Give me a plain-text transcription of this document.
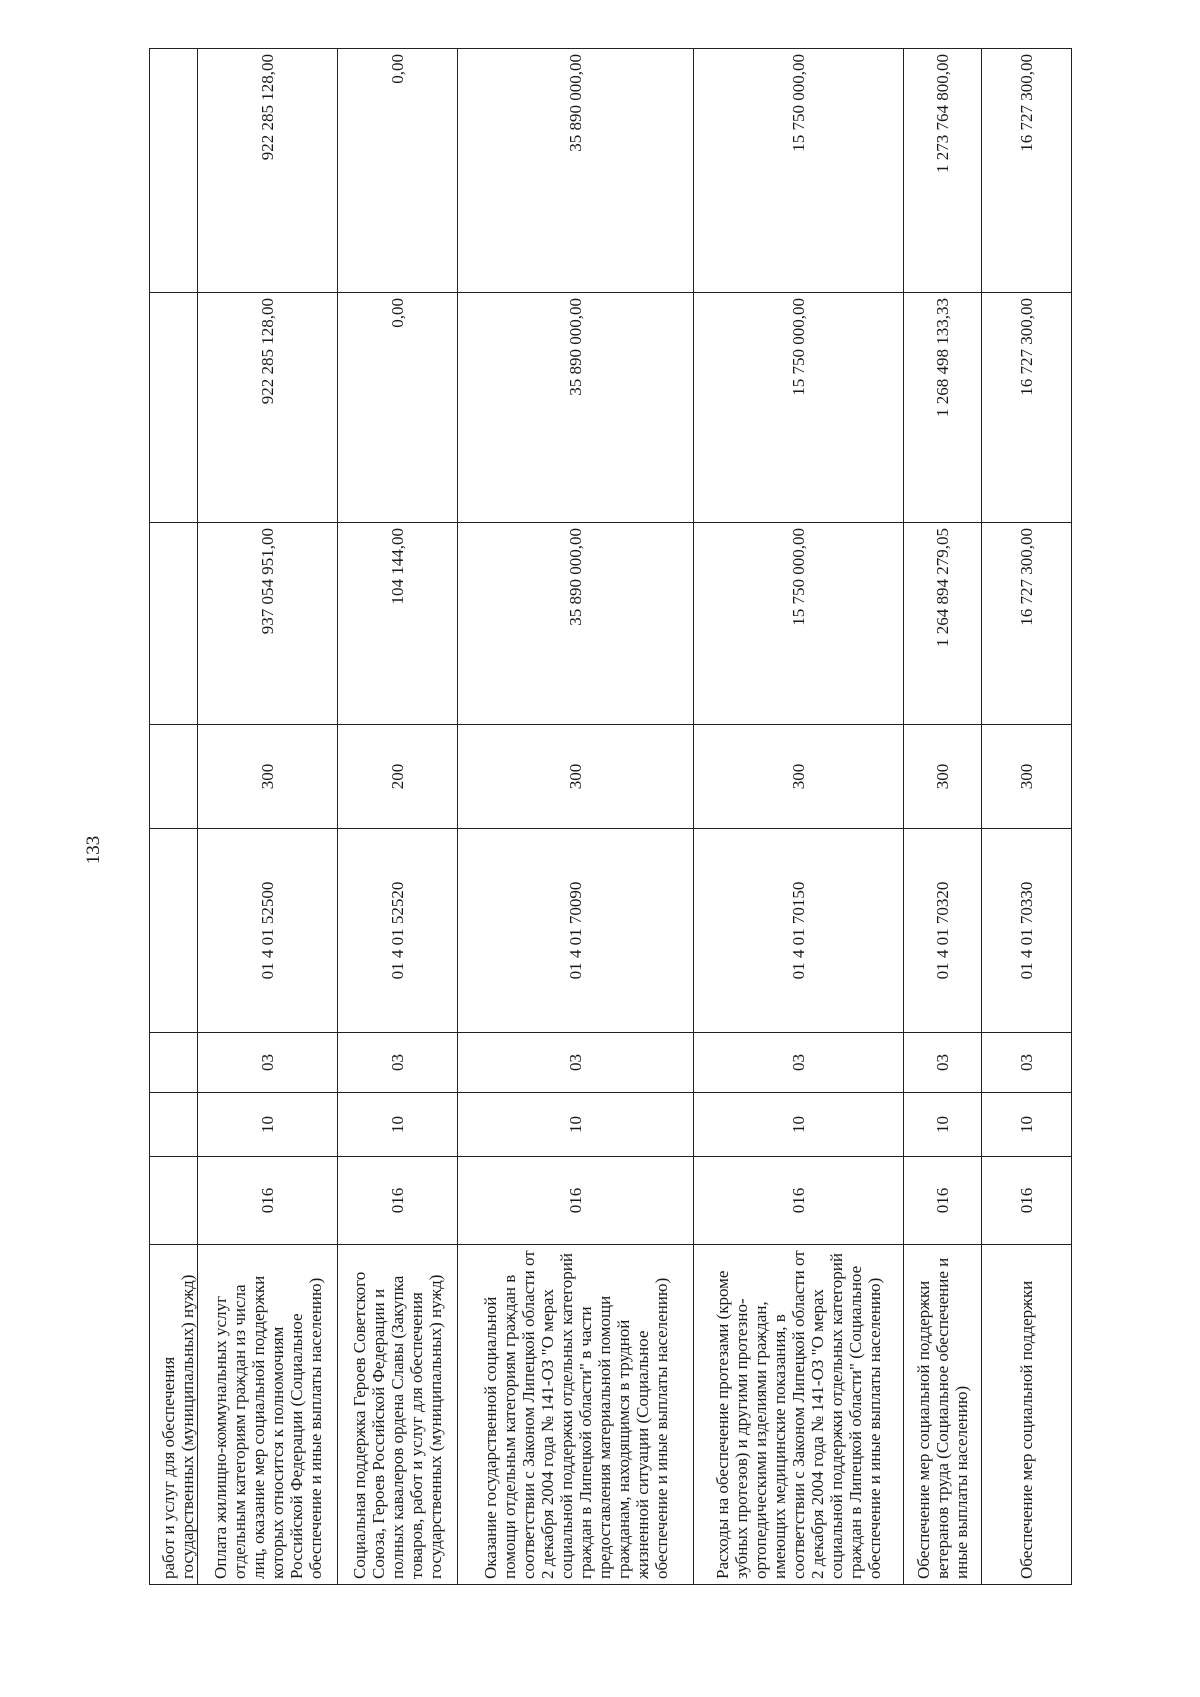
133
работ и услуг для обеспечения государственных (муниципальных) нужд)								
Оплата жилищно-коммунальных услуг отдельным категориям граждан из числа лиц, оказание мер социальной поддержки которых относится к полномочиям Российской Федерации (Социальное обеспечение и иные выплаты населению)	016	10	03	01 4 01 52500	300	937 054 951,00	922 285 128,00	922 285 128,00
Социальная поддержка Героев Советского Союза, Героев Российской Федерации и полных кавалеров ордена Славы (Закупка товаров, работ и услуг для обеспечения государственных (муниципальных) нужд)	016	10	03	01 4 01 52520	200	104 144,00	0,00	0,00
Оказание государственной социальной помощи отдельным категориям граждан в соответствии с Законом Липецкой области от 2 декабря 2004 года № 141-ОЗ "О мерах социальной поддержки отдельных категорий граждан в Липецкой области" в части предоставления материальной помощи гражданам, находящимся в трудной жизненной ситуации (Социальное обеспечение и иные выплаты населению)	016	10	03	01 4 01 70090	300	35 890 000,00	35 890 000,00	35 890 000,00
Расходы на обеспечение протезами (кроме зубных протезов) и другими протезно-ортопедическими изделиями граждан, имеющих медицинские показания, в соответствии с Законом Липецкой области от 2 декабря 2004 года № 141-ОЗ "О мерах социальной поддержки отдельных категорий граждан в Липецкой области" (Социальное обеспечение и иные выплаты населению)	016	10	03	01 4 01 70150	300	15 750 000,00	15 750 000,00	15 750 000,00
Обеспечение мер социальной поддержки ветеранов труда (Социальное обеспечение и иные выплаты населению)	016	10	03	01 4 01 70320	300	1 264 894 279,05	1 268 498 133,33	1 273 764 800,00
Обеспечение мер социальной поддержки	016	10	03	01 4 01 70330	300	16 727 300,00	16 727 300,00	16 727 300,00
